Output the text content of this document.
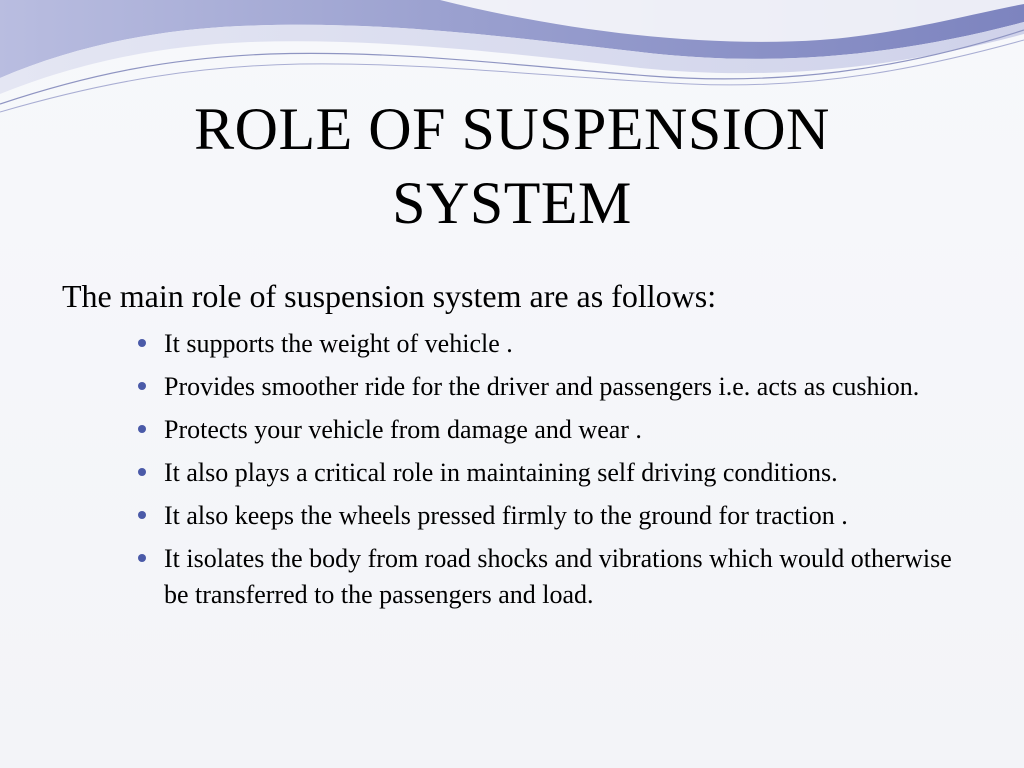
ROLE OF SUSPENSION
SYSTEM

The main role of suspension system are as follows:

It supports the weight of vehicle .
Provides smoother ride for the driver and passengers i.e. acts as cushion.
Protects your vehicle from damage and wear .
It also plays a critical role in maintaining self driving conditions.
It also keeps the wheels pressed firmly to the ground for traction .
It isolates the body from road shocks and vibrations which would otherwise be transferred to the passengers and load.
